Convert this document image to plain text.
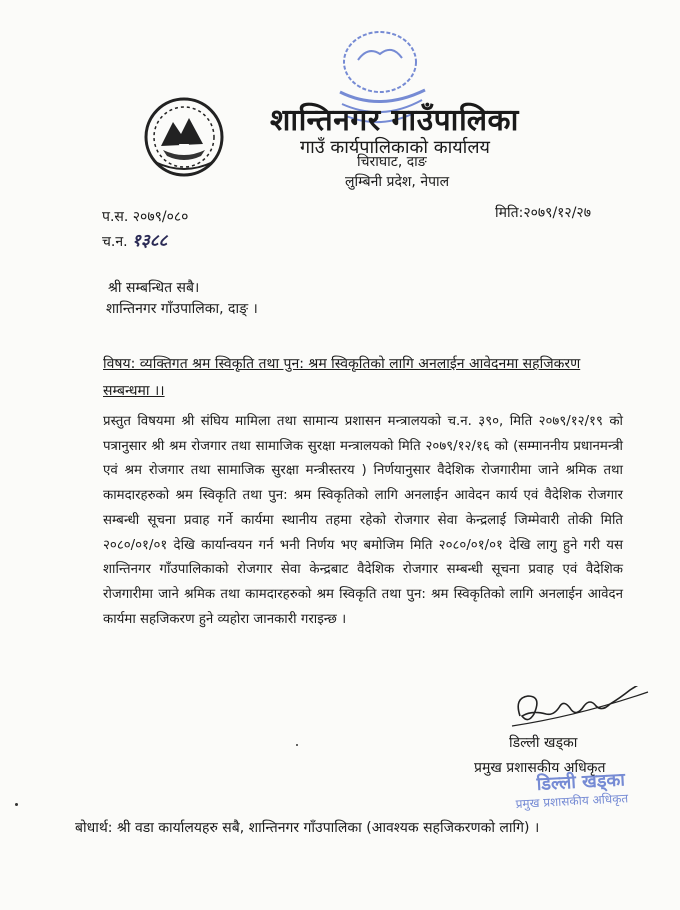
शान्तिनगर गाउँपालिका
गाउँ कार्यपालिकाको कार्यालय
चिराघाट, दाङ
लुम्बिनी प्रदेश, नेपाल
प.स. २०७९/०८०	मिति:२०७९/१२/२७
च.न. १३८८
श्री सम्बन्धित सबै।
शान्तिनगर गाँउपालिका, दाङ् ।
विषय: व्यक्तिगत श्रम स्विकृति तथा पुन: श्रम स्विकृतिको लागि अनलाईन आवेदनमा सहजिकरण सम्बन्धमा ।।
प्रस्तुत विषयमा श्री संघिय मामिला तथा सामान्य प्रशासन मन्त्रालयको च.न. ३९०, मिति २०७९/१२/१९ को पत्रानुसार श्री श्रम रोजगार तथा सामाजिक सुरक्षा मन्त्रालयको मिति २०७९/१२/१६ को (सम्माननीय प्रधानमन्त्री एवं श्रम रोजगार तथा सामाजिक सुरक्षा मन्त्रीस्तरय ) निर्णयानुसार वैदेशिक रोजगारीमा जाने श्रमिक तथा कामदारहरुको श्रम स्विकृति तथा पुन: श्रम स्विकृतिको लागि अनलाईन आवेदन कार्य एवं वैदेशिक रोजगार सम्बन्धी सूचना प्रवाह गर्ने कार्यमा स्थानीय तहमा रहेको रोजगार सेवा केन्द्रलाई जिम्मेवारी तोकी मिति २०८०/०१/०१ देखि कार्यान्वयन गर्न भनी निर्णय भए बमोजिम मिति २०८०/०१/०१ देखि लागु हुने गरी यस शान्तिनगर गाँउपालिकाको रोजगार सेवा केन्द्रबाट वैदेशिक रोजगार सम्बन्धी सूचना प्रवाह एवं वैदेशिक रोजगारीमा जाने श्रमिक तथा कामदारहरुको श्रम स्विकृति तथा पुन: श्रम स्विकृतिको लागि अनलाईन आवेदन कार्यमा सहजिकरण हुने व्यहोरा जानकारी गराइन्छ ।
डिल्ली खड्का
प्रमुख प्रशासकीय अधिकृत
डिल्ली खड्का
प्रमुख प्रशासकीय अधिकृत
बोधार्थ: श्री वडा कार्यालयहरु सबै, शान्तिनगर गाँउपालिका (आवश्यक सहजिकरणको लागि) ।
